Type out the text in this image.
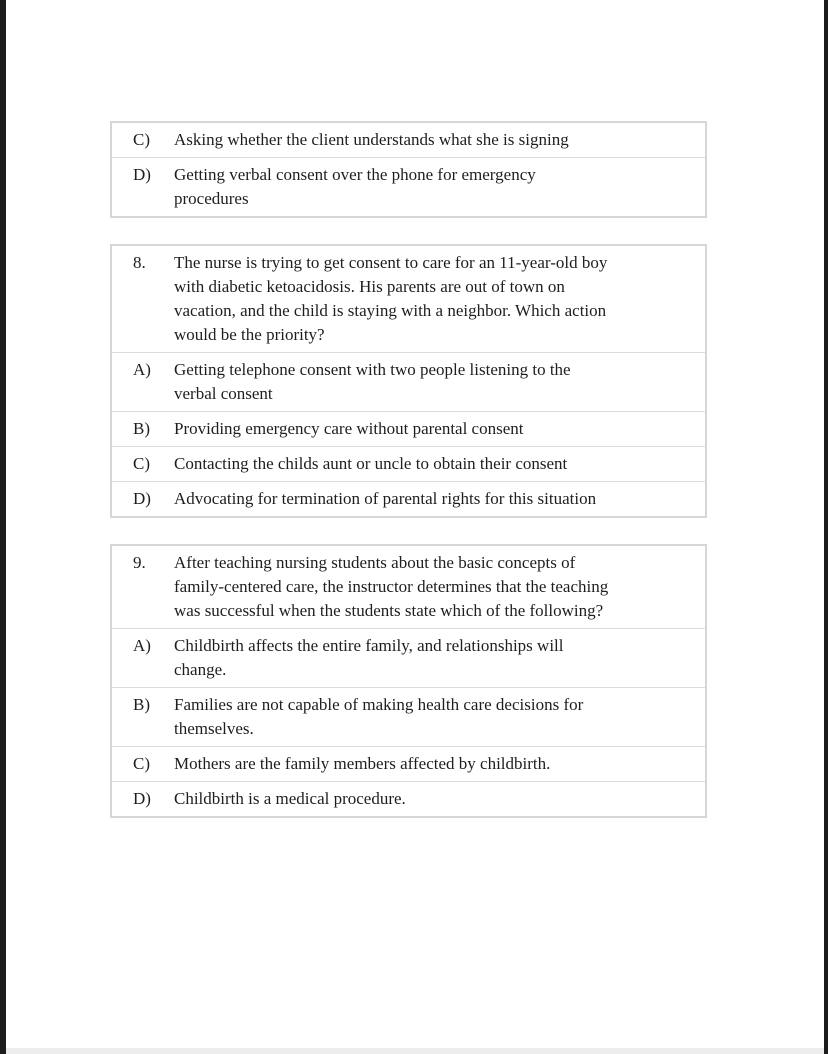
C) Asking whether the client understands what she is signing
D) Getting verbal consent over the phone for emergency procedures
8. The nurse is trying to get consent to care for an 11-year-old boy with diabetic ketoacidosis. His parents are out of town on vacation, and the child is staying with a neighbor. Which action would be the priority?
A) Getting telephone consent with two people listening to the verbal consent
B) Providing emergency care without parental consent
C) Contacting the childs aunt or uncle to obtain their consent
D) Advocating for termination of parental rights for this situation
9. After teaching nursing students about the basic concepts of family-centered care, the instructor determines that the teaching was successful when the students state which of the following?
A) Childbirth affects the entire family, and relationships will change.
B) Families are not capable of making health care decisions for themselves.
C) Mothers are the family members affected by childbirth.
D) Childbirth is a medical procedure.
